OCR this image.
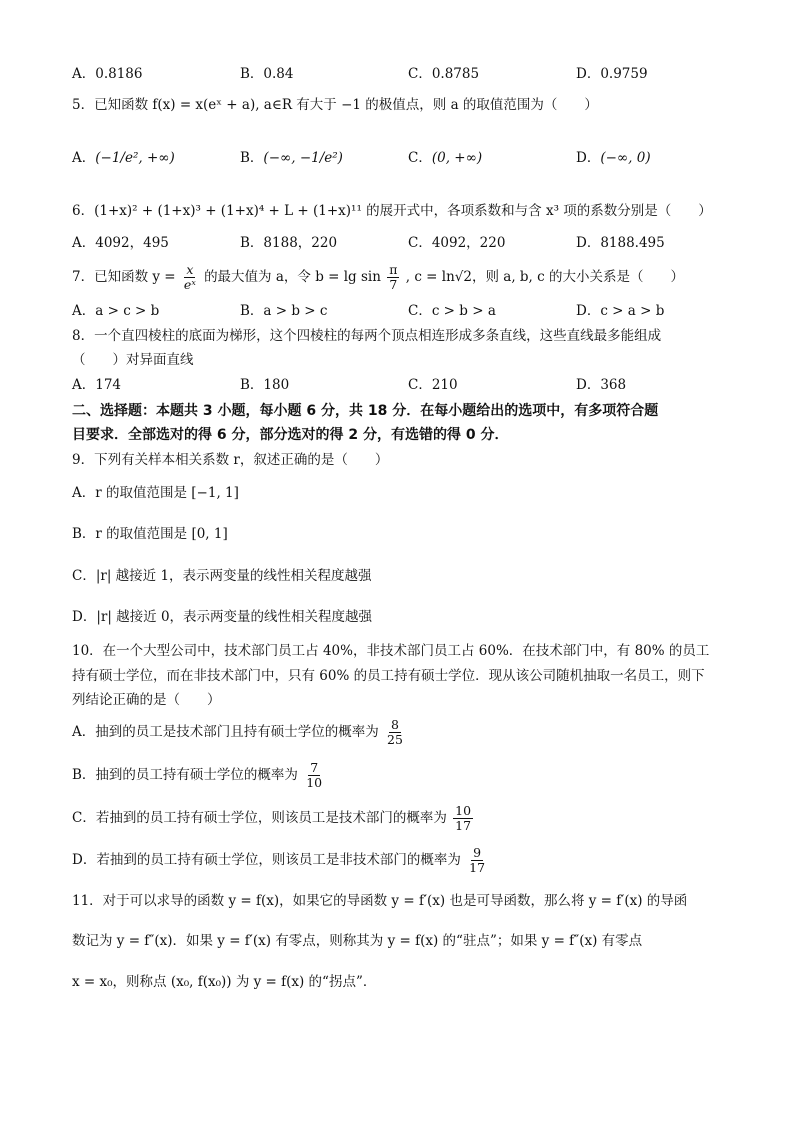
A．0.8186	B．0.84	C．0.8785	D．0.9759
5．已知函数 f(x) = x(eˣ + a), a∈R 有大于 −1 的极值点，则 a 的取值范围为（　　）
A．(−1/e², +∞)	B．(−∞, −1/e²)	C．(0, +∞)	D．(−∞, 0)
6．(1+x)² + (1+x)³ + (1+x)⁴ + L + (1+x)¹¹ 的展开式中，各项系数和与含 x³ 项的系数分别是（　　）
A．4092，495	B．8188，220	C．4092，220	D．8188.495
7．已知函数 $y = \frac{x}{\text{eˣ}}$ 的最大值为 a，令 $b = \lg \sin \frac{\pi}{7}$ , c = ln√2，则 a, b, c 的大小关系是（　　）
A．a > c > b	B．a > b > c	C．c > b > a	D．c > a > b
8．一个直四棱柱的底面为梯形，这个四棱柱的每两个顶点相连形成多条直线，这些直线最多能组成
（　　）对异面直线
A．174	B．180	C．210	D．368
二、选择题：本题共 3 小题，每小题 6 分，共 18 分．在每小题给出的选项中，有多项符合题
目要求．全部选对的得 6 分，部分选对的得 2 分，有选错的得 0 分．
9．下列有关样本相关系数 r，叙述正确的是（　　）
A．r 的取值范围是 [−1, 1]
B．r 的取值范围是 [0, 1]
C．|r| 越接近 1，表示两变量的线性相关程度越强
D．|r| 越接近 0，表示两变量的线性相关程度越强
10．在一个大型公司中，技术部门员工占 40%，非技术部门员工占 60%．在技术部门中，有 80% 的员工
持有硕士学位，而在非技术部门中，只有 60% 的员工持有硕士学位．现从该公司随机抽取一名员工，则下
列结论正确的是（　　）
A．抽到的员工是技术部门且持有硕士学位的概率为 $\frac{8}{25}$
B．抽到的员工持有硕士学位的概率为 $\frac{7}{10}$
C．若抽到的员工持有硕士学位，则该员工是技术部门的概率为 $\frac{10}{17}$
D．若抽到的员工持有硕士学位，则该员工是非技术部门的概率为 $\frac{9}{17}$
11．对于可以求导的函数 y = f(x)，如果它的导函数 y = f′(x) 也是可导函数，那么将 y = f′(x) 的导函
数记为 y = f″(x)．如果 y = f′(x) 有零点，则称其为 y = f(x) 的“驻点”；如果 y = f″(x) 有零点
x = x₀，则称点 (x₀, f(x₀)) 为 y = f(x) 的“拐点”．
